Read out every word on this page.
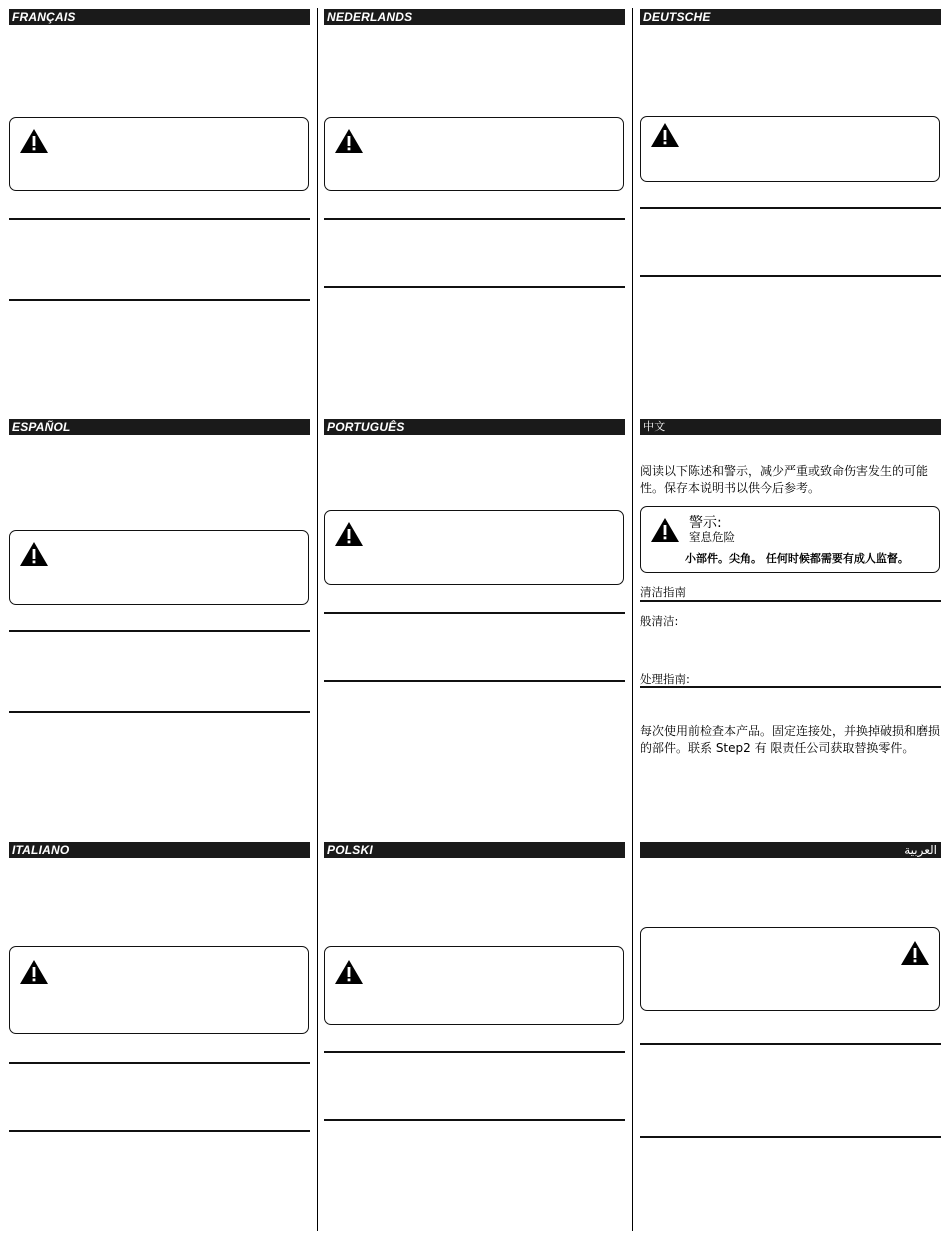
FRANÇAIS	NEDERLANDS	DEUTSCHE
ESPAÑOL	PORTUGUÊS	中文
阅读以下陈述和警示，减少严重或致命伤害发生的可能性。保存本说明书以供今后参考。
警示:
窒息危险
小部件。尖角。 任何时候都需要有成人监督。
清洁指南
般清洁:
处理指南:
每次使用前检查本产品。固定连接处，并换掉破损和磨损的部件。联系 Step2 有 限责任公司获取替换零件。
ITALIANO	POLSKI	العربية
